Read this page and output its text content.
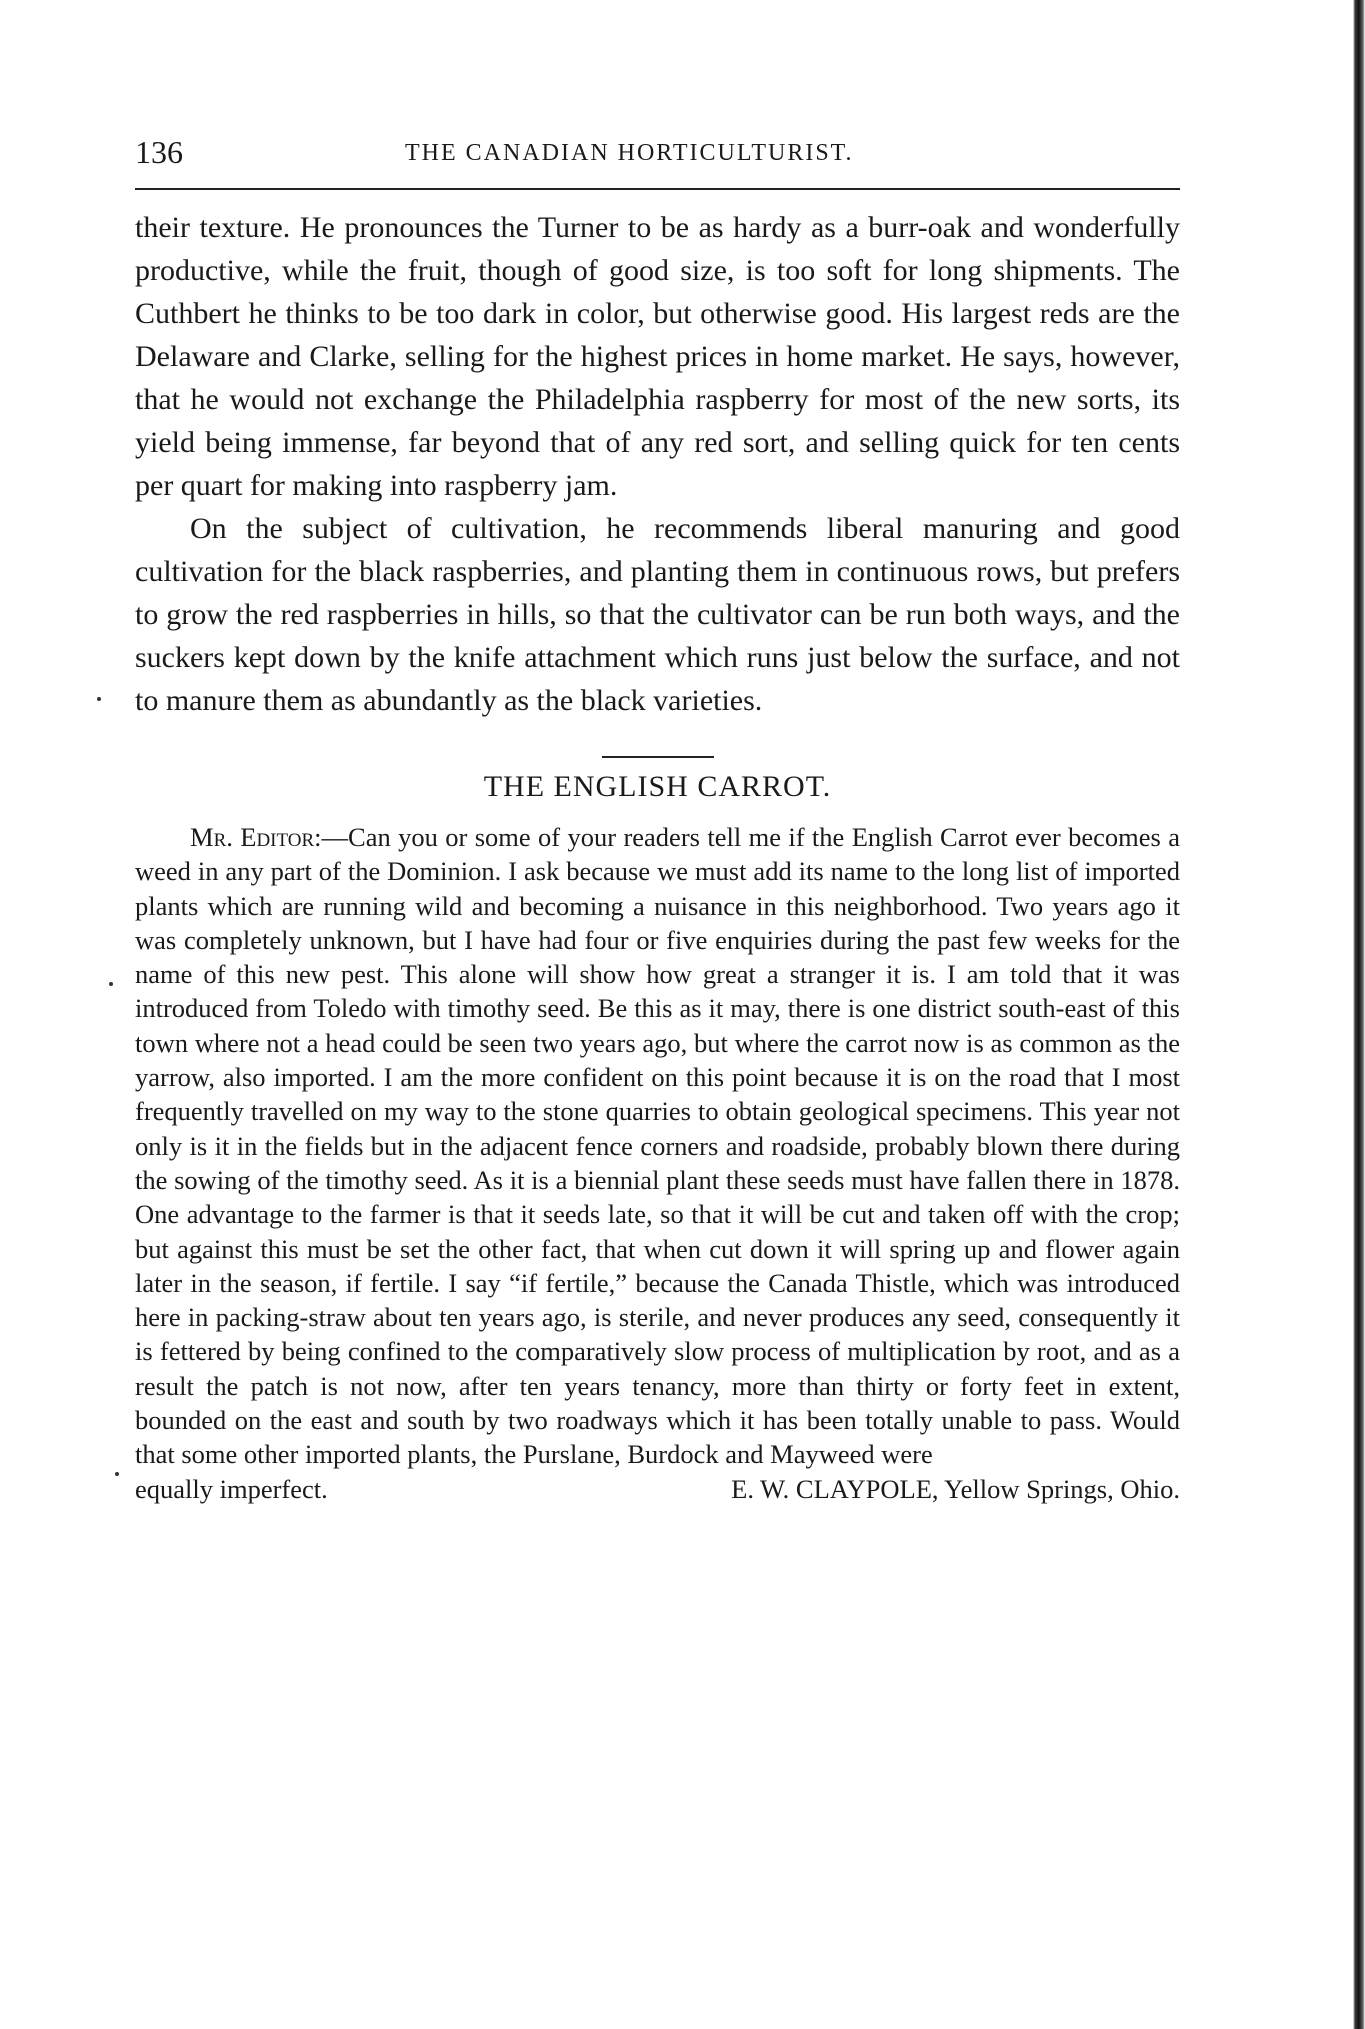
136	THE CANADIAN HORTICULTURIST.

their texture. He pronounces the Turner to be as hardy as a burr-oak and wonderfully productive, while the fruit, though of good size, is too soft for long shipments. The Cuthbert he thinks to be too dark in color, but otherwise good. His largest reds are the Delaware and Clarke, selling for the highest prices in home market. He says, however, that he would not exchange the Philadelphia raspberry for most of the new sorts, its yield being immense, far beyond that of any red sort, and selling quick for ten cents per quart for making into raspberry jam.

On the subject of cultivation, he recommends liberal manuring and good cultivation for the black raspberries, and planting them in continuous rows, but prefers to grow the red raspberries in hills, so that the cultivator can be run both ways, and the suckers kept down by the knife attachment which runs just below the surface, and not to manure them as abundantly as the black varieties.

THE ENGLISH CARROT.

Mr. Editor:—Can you or some of your readers tell me if the English Carrot ever becomes a weed in any part of the Dominion. I ask because we must add its name to the long list of imported plants which are running wild and becoming a nuisance in this neighborhood. Two years ago it was completely unknown, but I have had four or five enquiries during the past few weeks for the name of this new pest. This alone will show how great a stranger it is. I am told that it was introduced from Toledo with timothy seed. Be this as it may, there is one district south-east of this town where not a head could be seen two years ago, but where the carrot now is as common as the yarrow, also imported. I am the more confident on this point because it is on the road that I most frequently travelled on my way to the stone quarries to obtain geological specimens. This year not only is it in the fields but in the adjacent fence corners and roadside, probably blown there during the sowing of the timothy seed. As it is a biennial plant these seeds must have fallen there in 1878. One advantage to the farmer is that it seeds late, so that it will be cut and taken off with the crop; but against this must be set the other fact, that when cut down it will spring up and flower again later in the season, if fertile. I say “if fertile,” because the Canada Thistle, which was introduced here in packing-straw about ten years ago, is sterile, and never produces any seed, consequently it is fettered by being confined to the comparatively slow process of multiplication by root, and as a result the patch is not now, after ten years tenancy, more than thirty or forty feet in extent, bounded on the east and south by two roadways which it has been totally unable to pass. Would that some other imported plants, the Purslane, Burdock and Mayweed were

equally imperfect.	E. W. CLAYPOLE, Yellow Springs, Ohio.
